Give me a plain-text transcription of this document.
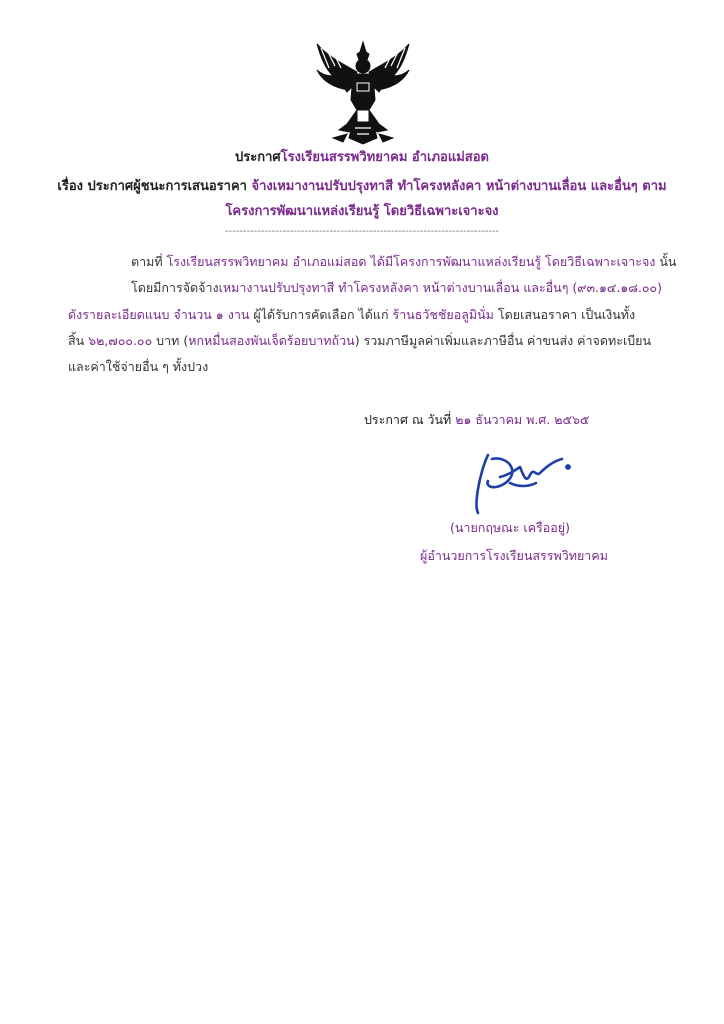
ประกาศโรงเรียนสรรพวิทยาคม อำเภอแม่สอด
เรื่อง ประกาศผู้ชนะการเสนอราคา จ้างเหมางานปรับปรุงทาสี ทำโครงหลังคา หน้าต่างบานเลื่อน และอื่นๆ ตาม
โครงการพัฒนาแหล่งเรียนรู้ โดยวิธีเฉพาะเจาะจง
----------------------------------------------------------------------------
ตามที่ โรงเรียนสรรพวิทยาคม อำเภอแม่สอด ได้มีโครงการพัฒนาแหล่งเรียนรู้ โดยวิธีเฉพาะเจาะจง นั้น
โดยมีการจัดจ้างเหมางานปรับปรุงทาสี ทำโครงหลังคา หน้าต่างบานเลื่อน และอื่นๆ (๙๓.๑๔.๑๘.๐๐)
ดังรายละเอียดแนบ จำนวน ๑ งาน ผู้ได้รับการคัดเลือก ได้แก่ ร้านธวัชชัยอลูมินั่ม โดยเสนอราคา เป็นเงินทั้ง
สิ้น ๖๒,๗๐๐.๐๐ บาท (หกหมื่นสองพันเจ็ดร้อยบาทถ้วน) รวมภาษีมูลค่าเพิ่มและภาษีอื่น ค่าขนส่ง ค่าจดทะเบียน
และค่าใช้จ่ายอื่น ๆ ทั้งปวง
ประกาศ ณ วันที่ ๒๑ ธันวาคม พ.ศ. ๒๕๖๕
(นายกฤษณะ เครืออยู่)
ผู้อำนวยการโรงเรียนสรรพวิทยาคม
